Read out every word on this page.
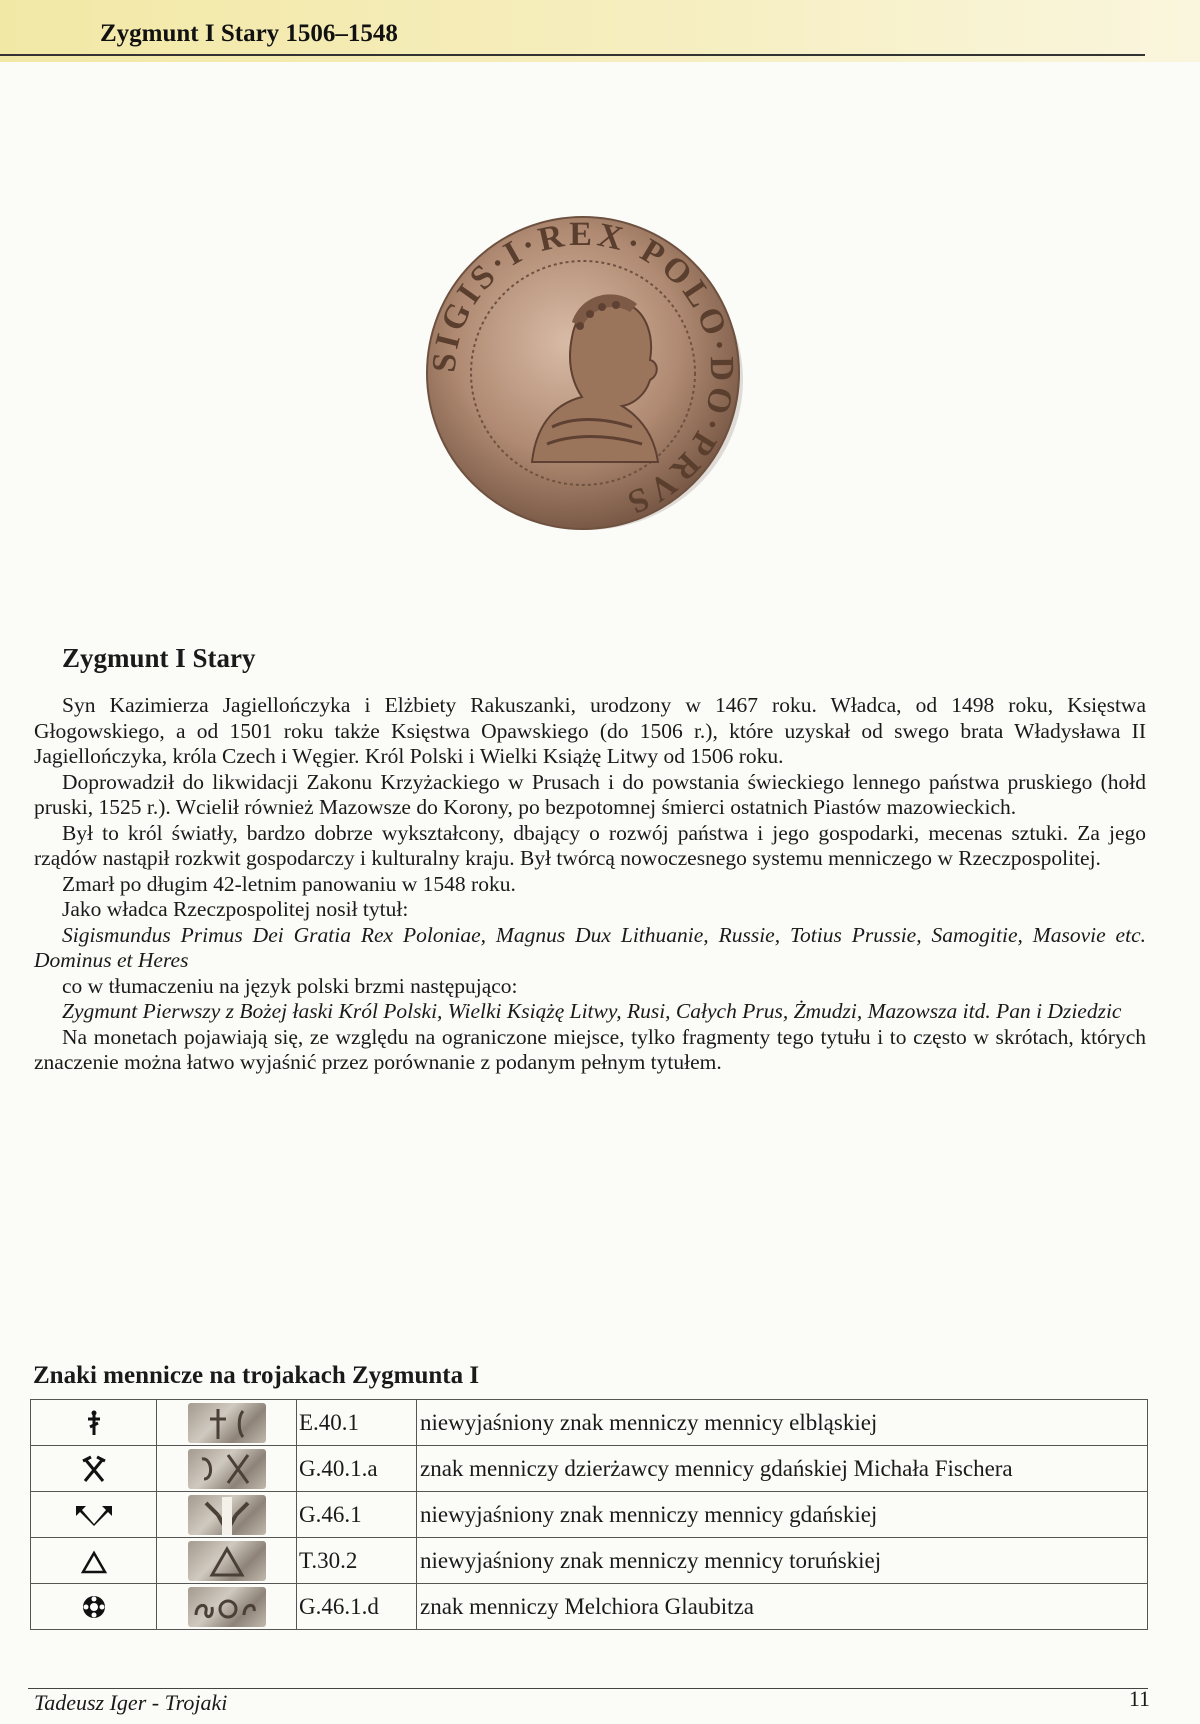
Zygmunt I Stary 1506–1548
SIGIS·I·REX·POLO·DO·PRVS
Zygmunt I Stary

Syn Kazimierza Jagiellończyka i Elżbiety Rakuszanki, urodzony w 1467 roku. Władca, od 1498 roku, Księstwa Głogowskiego, a od 1501 roku także Księstwa Opawskiego (do 1506 r.), które uzyskał od swego brata Władysława II Jagiellończyka, króla Czech i Węgier. Król Polski i Wielki Książę Litwy od 1506 roku.

Doprowadził do likwidacji Zakonu Krzyżackiego w Prusach i do powstania świeckiego lennego państwa pruskiego (hołd pruski, 1525 r.). Wcielił również Mazowsze do Korony, po bezpotomnej śmierci ostatnich Piastów mazowieckich.

Był to król światły, bardzo dobrze wykształcony, dbający o rozwój państwa i jego gospodarki, mecenas sztuki. Za jego rządów nastąpił rozkwit gospodarczy i kulturalny kraju. Był twórcą nowoczesnego systemu menniczego w Rzeczpospolitej.

Zmarł po długim 42-letnim panowaniu w 1548 roku.

Jako władca Rzeczpospolitej nosił tytuł:

Sigismundus Primus Dei Gratia Rex Poloniae, Magnus Dux Lithuanie, Russie, Totius Prussie, Samogitie, Masovie etc. Dominus et Heres

co w tłumaczeniu na język polski brzmi następująco:

Zygmunt Pierwszy z Bożej łaski Król Polski, Wielki Książę Litwy, Rusi, Całych Prus, Żmudzi, Mazowsza itd. Pan i Dziedzic

Na monetach pojawiają się, ze względu na ograniczone miejsce, tylko fragmenty tego tytułu i to często w skrótach, których znaczenie można łatwo wyjaśnić przez porównanie z podanym pełnym tytułem.

Znaki mennicze na trojakach Zygmunta I

	E.40.1	niewyjaśniony znak menniczy mennicy elbląskiej

	G.40.1.a	znak menniczy dzierżawcy mennicy gdańskiej Michała Fischera

	G.46.1	niewyjaśniony znak menniczy mennicy gdańskiej

	T.30.2	niewyjaśniony znak menniczy mennicy toruńskiej

	G.46.1.d	znak menniczy Melchiora Glaubitza
Tadeusz Iger - Trojaki	11
